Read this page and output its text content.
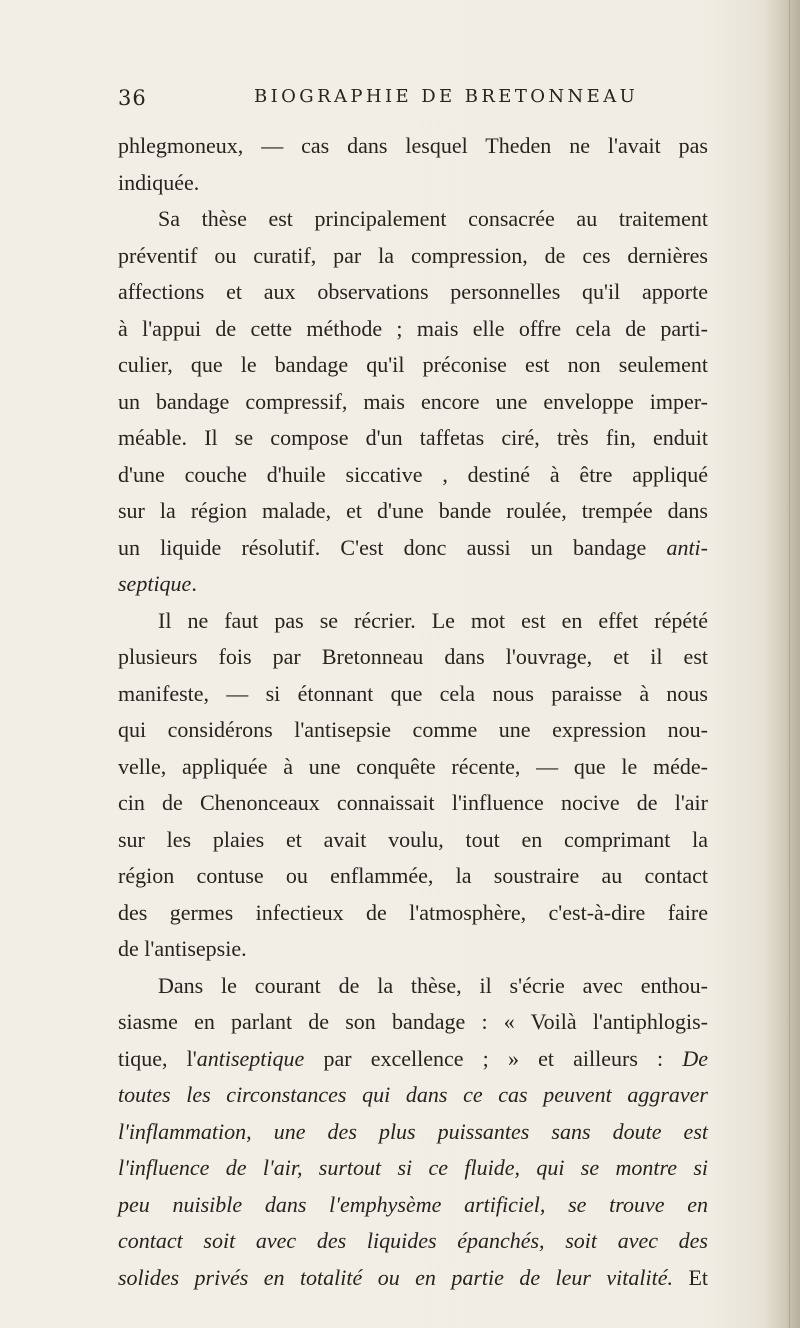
36	BIOGRAPHIE DE BRETONNEAU
phlegmoneux, — cas dans lesquel Theden ne l'avait pas
indiquée.
Sa thèse est principalement consacrée au traitement
préventif ou curatif, par la compression, de ces dernières
affections et aux observations personnelles qu'il apporte
à l'appui de cette méthode ; mais elle offre cela de parti-
culier, que le bandage qu'il préconise est non seulement
un bandage compressif, mais encore une enveloppe imper-
méable. Il se compose d'un taffetas ciré, très fin, enduit
d'une couche d'huile siccative , destiné à être appliqué
sur la région malade, et d'une bande roulée, trempée dans
un liquide résolutif. C'est donc aussi un bandage anti-
septique.
Il ne faut pas se récrier. Le mot est en effet répété
plusieurs fois par Bretonneau dans l'ouvrage, et il est
manifeste, — si étonnant que cela nous paraisse à nous
qui considérons l'antisepsie comme une expression nou-
velle, appliquée à une conquête récente, — que le méde-
cin de Chenonceaux connaissait l'influence nocive de l'air
sur les plaies et avait voulu, tout en comprimant la
région contuse ou enflammée, la soustraire au contact
des germes infectieux de l'atmosphère, c'est-à-dire faire
de l'antisepsie.
Dans le courant de la thèse, il s'écrie avec enthou-
siasme en parlant de son bandage : « Voilà l'antiphlogis-
tique, l'antiseptique par excellence ; » et ailleurs : De
toutes les circonstances qui dans ce cas peuvent aggraver
l'inflammation, une des plus puissantes sans doute est
l'influence de l'air, surtout si ce fluide, qui se montre si
peu nuisible dans l'emphysème artificiel, se trouve en
contact soit avec des liquides épanchés, soit avec des
solides privés en totalité ou en partie de leur vitalité. Et
